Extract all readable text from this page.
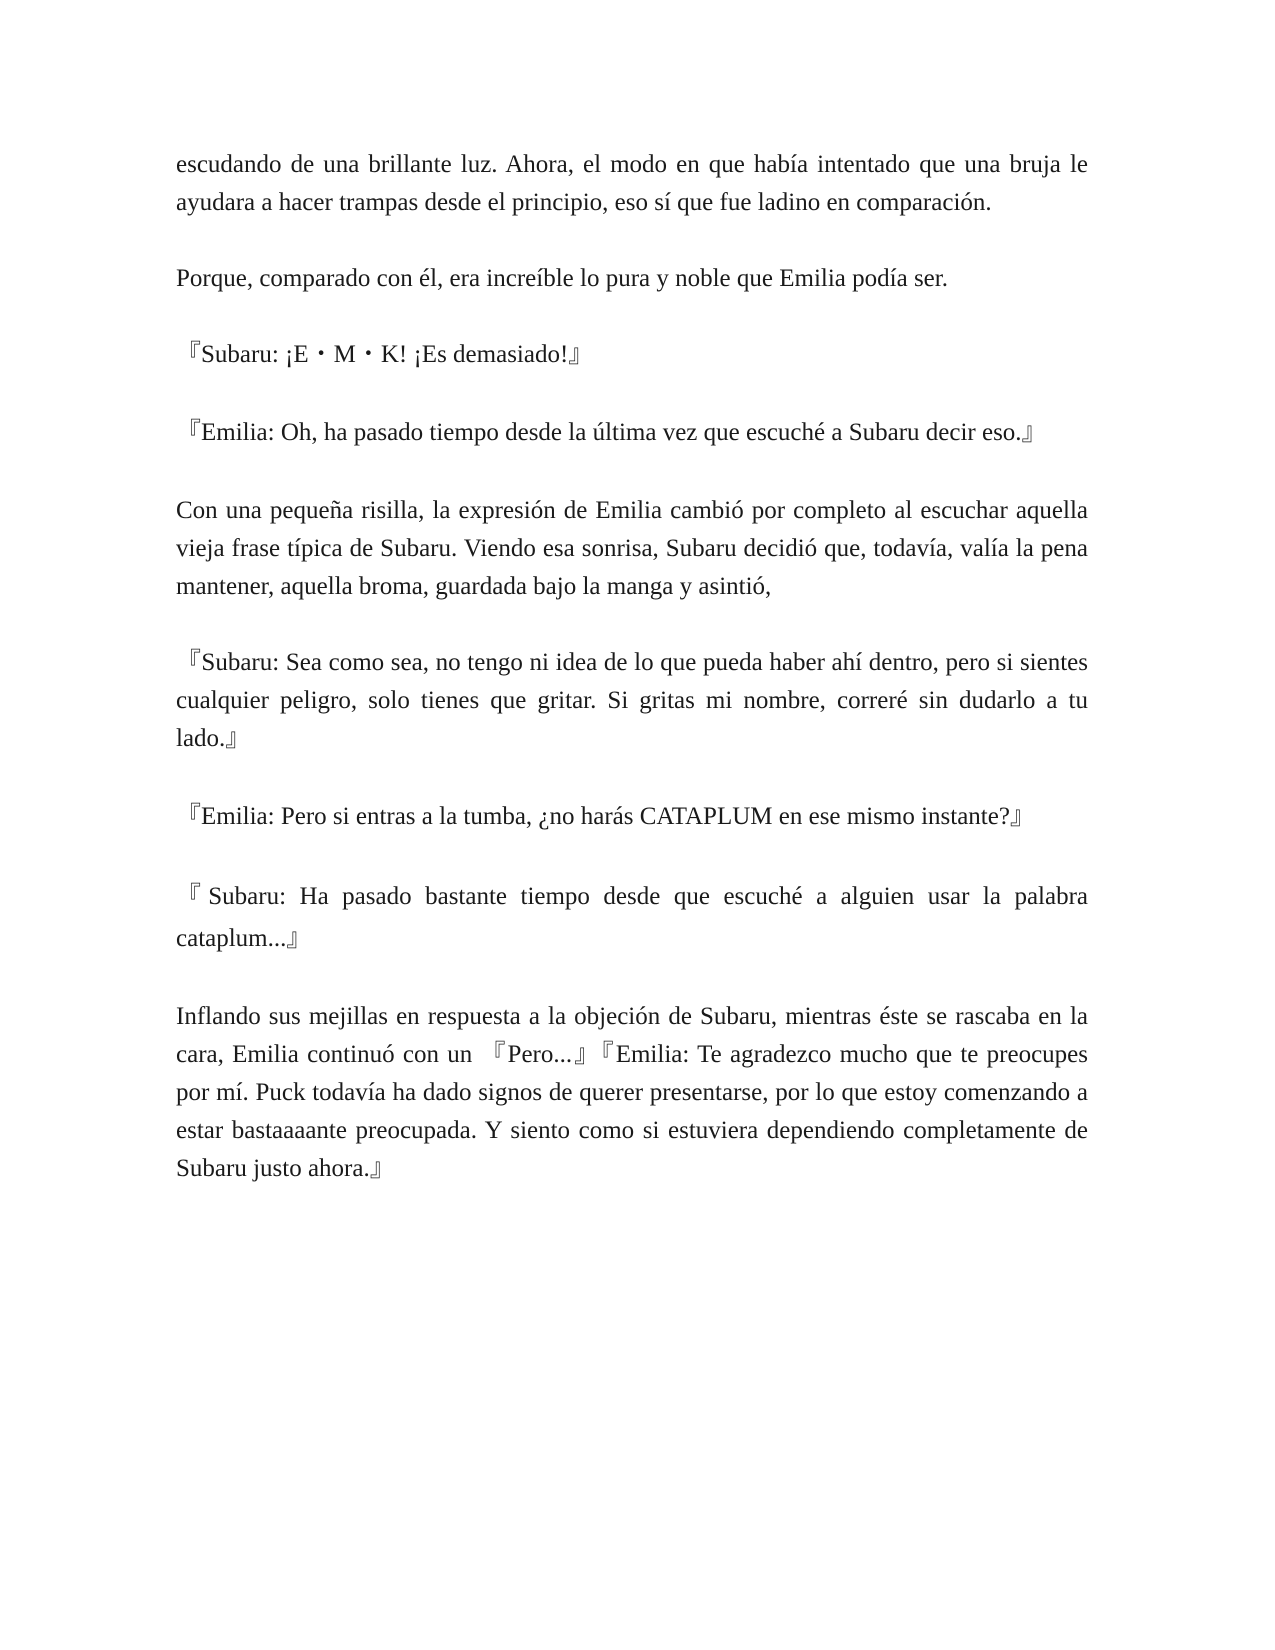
escudando de una brillante luz. Ahora, el modo en que había intentado que una bruja le ayudara a hacer trampas desde el principio, eso sí que fue ladino en comparación.

Porque, comparado con él, era increíble lo pura y noble que Emilia podía ser.

『Subaru: ¡E・M・K! ¡Es demasiado!』

『Emilia: Oh, ha pasado tiempo desde la última vez que escuché a Subaru decir eso.』

Con una pequeña risilla, la expresión de Emilia cambió por completo al escuchar aquella vieja frase típica de Subaru. Viendo esa sonrisa, Subaru decidió que, todavía, valía la pena mantener, aquella broma, guardada bajo la manga y asintió,

『Subaru: Sea como sea, no tengo ni idea de lo que pueda haber ahí dentro, pero si sientes cualquier peligro, solo tienes que gritar. Si gritas mi nombre, correré sin dudarlo a tu lado.』

『Emilia: Pero si entras a la tumba, ¿no harás CATAPLUM en ese mismo instante?』

『Subaru: Ha pasado bastante tiempo desde que escuché a alguien usar la palabra cataplum...』

Inflando sus mejillas en respuesta a la objeción de Subaru, mientras éste se rascaba en la cara, Emilia continuó con un 『Pero...』『Emilia: Te agradezco mucho que te preocupes por mí. Puck todavía ha dado signos de querer presentarse, por lo que estoy comenzando a estar bastaaaante preocupada. Y siento como si estuviera dependiendo completamente de Subaru justo ahora.』
